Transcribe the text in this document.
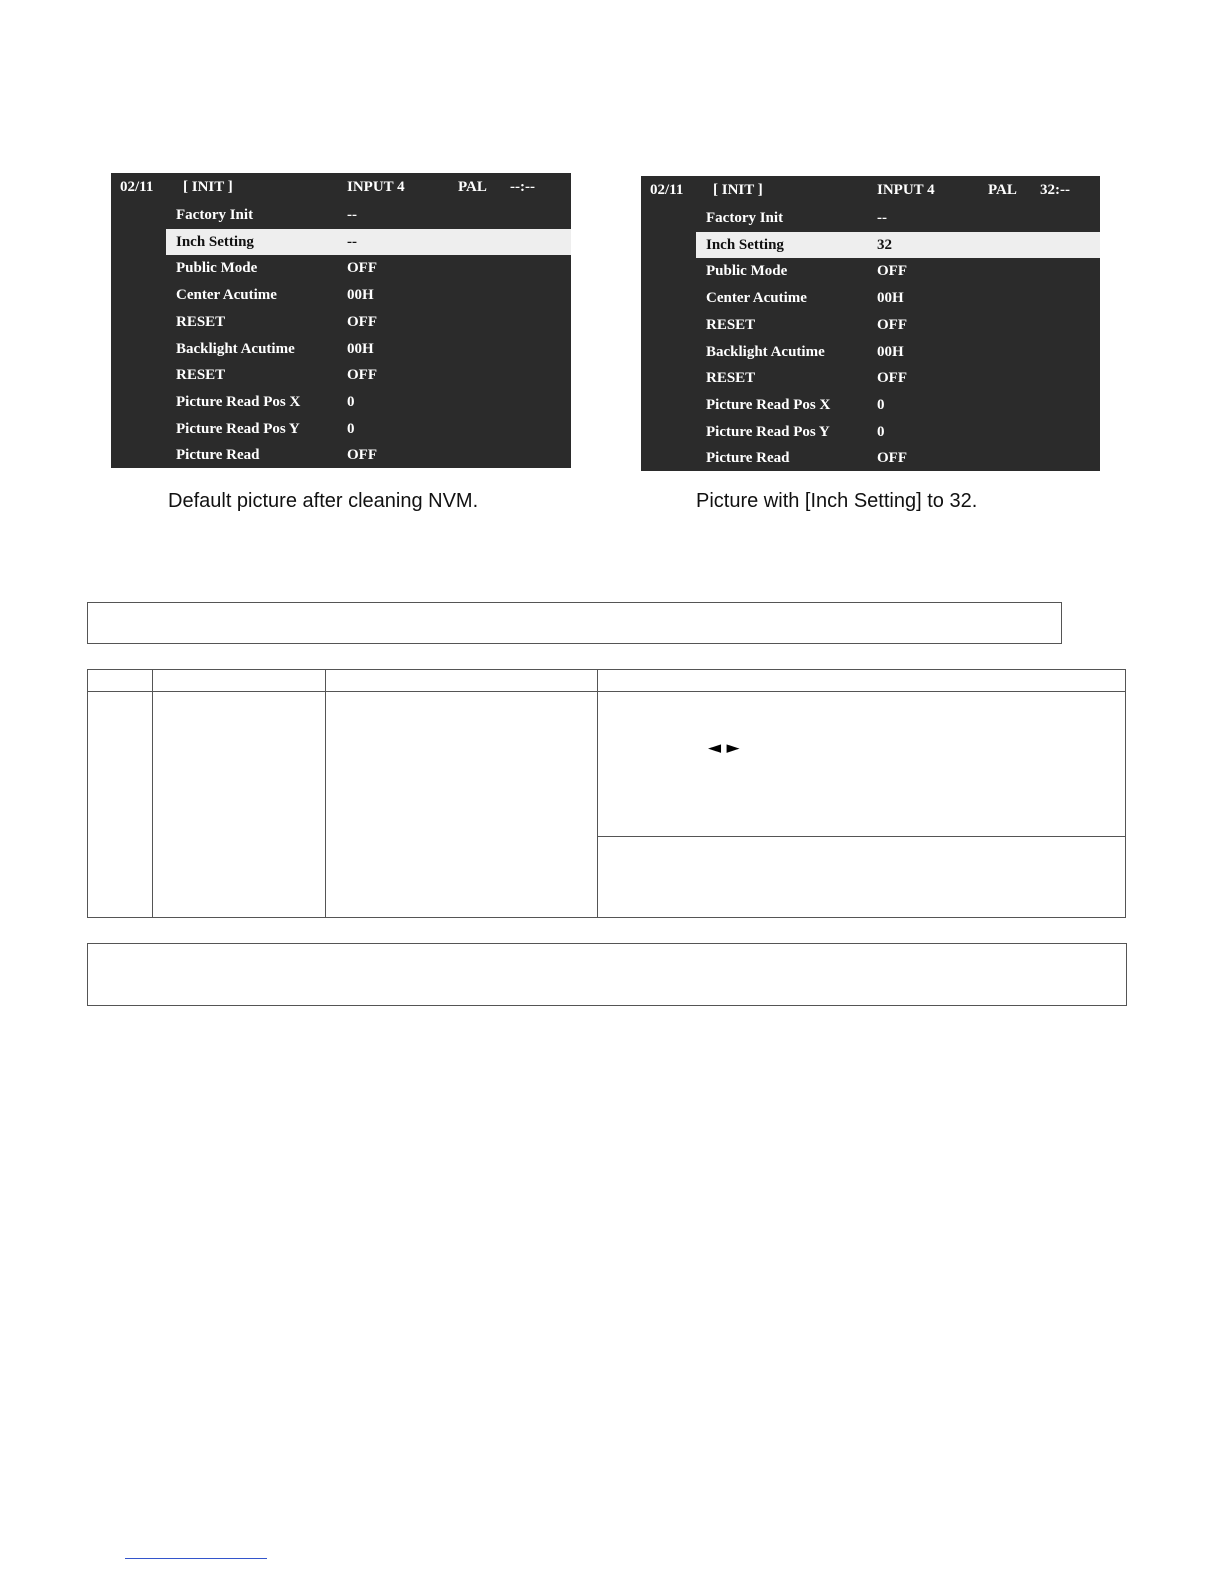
02/11 [ INIT ]	INPUT 4	PAL --:--
Factory Init	--
Inch Setting	--
Public Mode	OFF
Center Acutime	00H
RESET	OFF
Backlight Acutime	00H
RESET	OFF
Picture Read Pos X	0
Picture Read Pos Y	0
Picture Read	OFF
02/11 [ INIT ]	INPUT 4	PAL 32:--
Factory Init	--
Inch Setting	32
Public Mode	OFF
Center Acutime	00H
RESET	OFF
Backlight Acutime	00H
RESET	OFF
Picture Read Pos X	0
Picture Read Pos Y	0
Picture Read	OFF
Default picture after cleaning NVM.	Picture with [Inch Setting] to 32.
◄ ►
